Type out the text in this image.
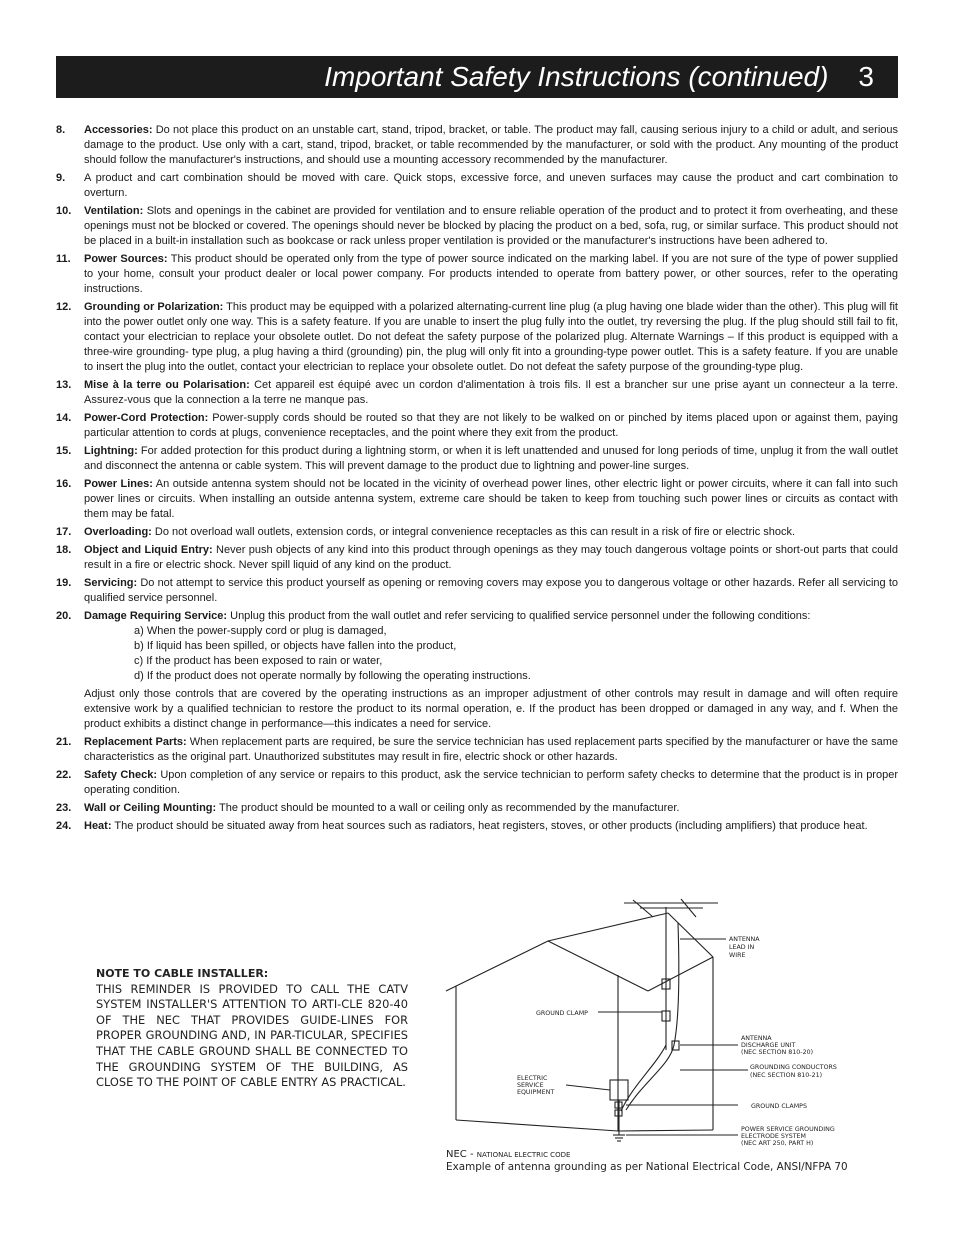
Important Safety Instructions (continued) 3
8. Accessories: Do not place this product on an unstable cart, stand, tripod, bracket, or table. The product may fall, causing serious injury to a child or adult, and serious damage to the product. Use only with a cart, stand, tripod, bracket, or table recommended by the manufacturer, or sold with the product. Any mounting of the product should follow the manufacturer's instructions, and should use a mounting accessory recommended by the manufacturer.
9. A product and cart combination should be moved with care. Quick stops, excessive force, and uneven surfaces may cause the product and cart combination to overturn.
10. Ventilation: Slots and openings in the cabinet are provided for ventilation and to ensure reliable operation of the product and to protect it from overheating, and these openings must not be blocked or covered. The openings should never be blocked by placing the product on a bed, sofa, rug, or similar surface. This product should not be placed in a built-in installation such as bookcase or rack unless proper ventilation is provided or the manufacturer's instructions have been adhered to.
11. Power Sources: This product should be operated only from the type of power source indicated on the marking label. If you are not sure of the type of power supplied to your home, consult your product dealer or local power company. For products intended to operate from battery power, or other sources, refer to the operating instructions.
12. Grounding or Polarization: This product may be equipped with a polarized alternating-current line plug (a plug having one blade wider than the other). This plug will fit into the power outlet only one way. This is a safety feature. If you are unable to insert the plug fully into the outlet, try reversing the plug. If the plug should still fail to fit, contact your electrician to replace your obsolete outlet. Do not defeat the safety purpose of the polarized plug. Alternate Warnings – If this product is equipped with a three-wire grounding- type plug, a plug having a third (grounding) pin, the plug will only fit into a grounding-type power outlet. This is a safety feature. If you are unable to insert the plug into the outlet, contact your electrician to replace your obsolete outlet. Do not defeat the safety purpose of the grounding-type plug.
13. Mise à la terre ou Polarisation: Cet appareil est équipé avec un cordon d'alimentation à trois fils. Il est a brancher sur une prise ayant un connecteur a la terre. Assurez-vous que la connection a la terre ne manque pas.
14. Power-Cord Protection: Power-supply cords should be routed so that they are not likely to be walked on or pinched by items placed upon or against them, paying particular attention to cords at plugs, convenience receptacles, and the point where they exit from the product.
15. Lightning: For added protection for this product during a lightning storm, or when it is left unattended and unused for long periods of time, unplug it from the wall outlet and disconnect the antenna or cable system. This will prevent damage to the product due to lightning and power-line surges.
16. Power Lines: An outside antenna system should not be located in the vicinity of overhead power lines, other electric light or power circuits, where it can fall into such power lines or circuits. When installing an outside antenna system, extreme care should be taken to keep from touching such power lines or circuits as contact with them may be fatal.
17. Overloading: Do not overload wall outlets, extension cords, or integral convenience receptacles as this can result in a risk of fire or electric shock.
18. Object and Liquid Entry: Never push objects of any kind into this product through openings as they may touch dangerous voltage points or short-out parts that could result in a fire or electric shock. Never spill liquid of any kind on the product.
19. Servicing: Do not attempt to service this product yourself as opening or removing covers may expose you to dangerous voltage or other hazards. Refer all servicing to qualified service personnel.
20. Damage Requiring Service: Unplug this product from the wall outlet and refer servicing to qualified service personnel under the following conditions:
a) When the power-supply cord or plug is damaged,
b) If liquid has been spilled, or objects have fallen into the product,
c) If the product has been exposed to rain or water,
d) If the product does not operate normally by following the operating instructions.
Adjust only those controls that are covered by the operating instructions as an improper adjustment of other controls may result in damage and will often require extensive work by a qualified technician to restore the product to its normal operation, e. If the product has been dropped or damaged in any way, and f. When the product exhibits a distinct change in performance—this indicates a need for service.
21. Replacement Parts: When replacement parts are required, be sure the service technician has used replacement parts specified by the manufacturer or have the same characteristics as the original part. Unauthorized substitutes may result in fire, electric shock or other hazards.
22. Safety Check: Upon completion of any service or repairs to this product, ask the service technician to perform safety checks to determine that the product is in proper operating condition.
23. Wall or Ceiling Mounting: The product should be mounted to a wall or ceiling only as recommended by the manufacturer.
24. Heat: The product should be situated away from heat sources such as radiators, heat registers, stoves, or other products (including amplifiers) that produce heat.
NOTE TO CABLE INSTALLER:
THIS REMINDER IS PROVIDED TO CALL THE CATV SYSTEM INSTALLER'S ATTENTION TO ARTI-CLE 820-40 OF THE NEC THAT PROVIDES GUIDE-LINES FOR PROPER GROUNDING AND, IN PAR-TICULAR, SPECIFIES THAT THE CABLE GROUND SHALL BE CONNECTED TO THE GROUNDING SYSTEM OF THE BUILDING, AS CLOSE TO THE POINT OF CABLE ENTRY AS PRACTICAL.
ANTENNA
LEAD IN
WIRE
GROUND CLAMP
ANTENNA
DISCHARGE UNIT
(NEC SECTION 810-20)
GROUNDING CONDUCTORS
(NEC SECTION 810-21)
ELECTRIC
SERVICE
EQUIPMENT
GROUND CLAMPS
POWER SERVICE GROUNDING
ELECTRODE SYSTEM
(NEC ART 250, PART H)
NEC - NATIONAL ELECTRIC CODE
Example of antenna grounding as per National Electrical Code, ANSI/NFPA 70
